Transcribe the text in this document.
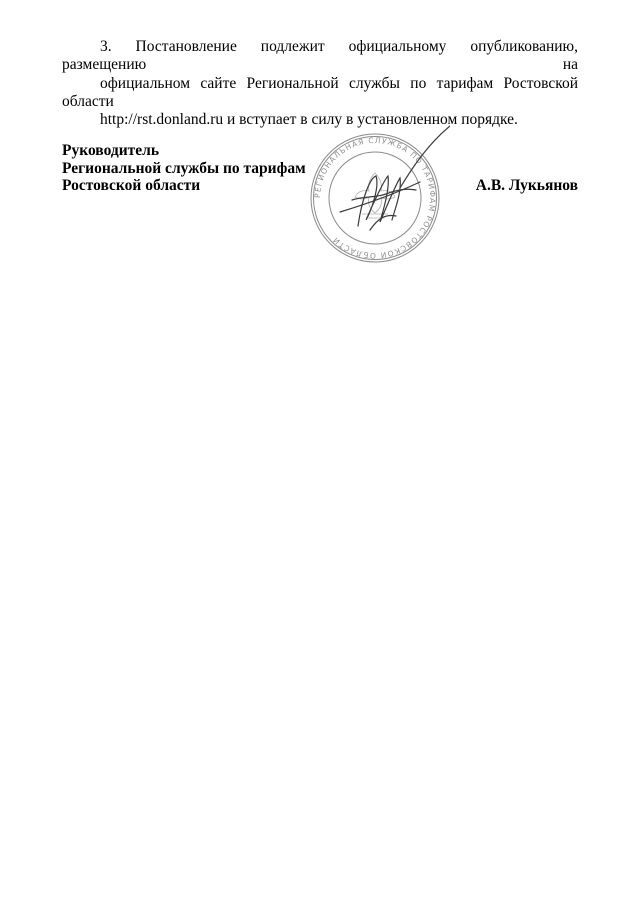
3. Постановление подлежит официальному опубликованию, размещению на
официальном сайте Региональной службы по тарифам Ростовской области
http://rst.donland.ru и вступает в силу в установленном порядке.

Руководитель
Региональной службы по тарифам
Ростовской области	А.В. Лукьянов
РЕГИОНАЛЬНАЯ СЛУЖБА ПО ТАРИФАМ РОСТОВСКОЙ ОБЛАСТИ
